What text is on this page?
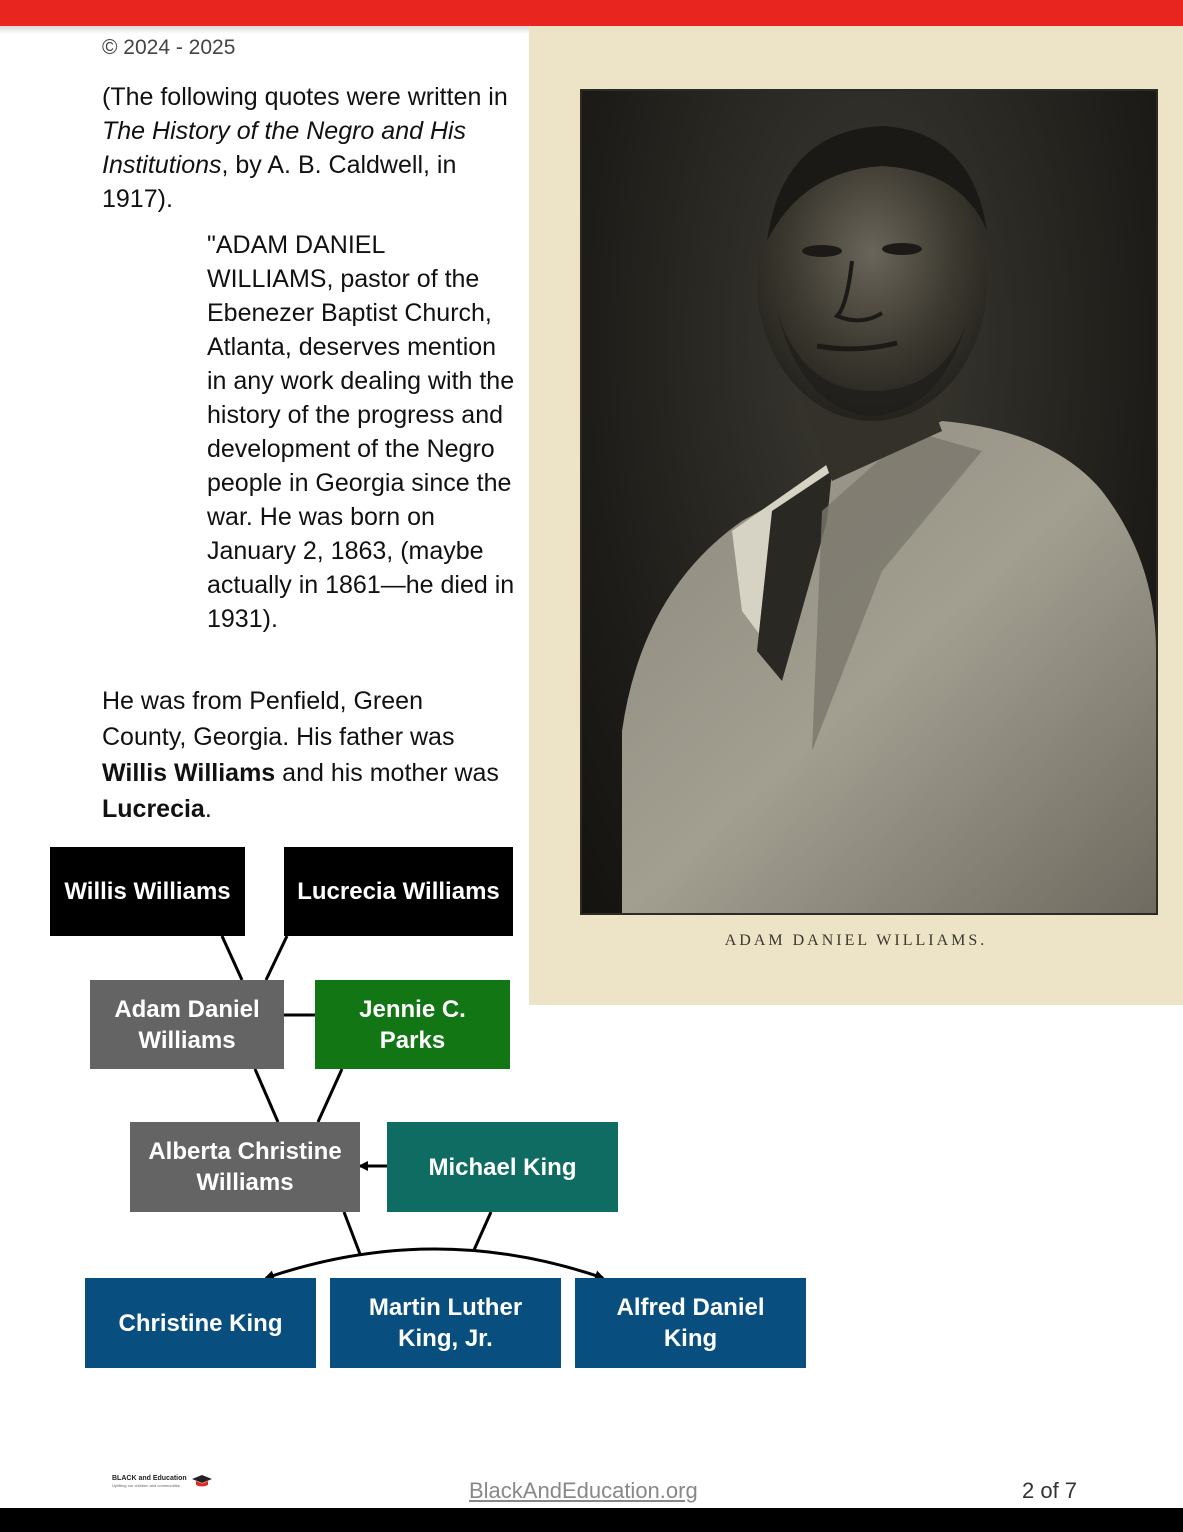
© 2024 - 2025
(The following quotes were written in The History of the Negro and His Institutions, by A. B. Caldwell, in 1917).
"ADAM DANIEL WILLIAMS, pastor of the Ebenezer Baptist Church, Atlanta, deserves mention in any work dealing with the history of the progress and development of the Negro people in Georgia since the war. He was born on January 2, 1863, (maybe actually in 1861—he died in 1931).
He was from Penfield, Green County, Georgia. His father was Willis Williams and his mother was Lucrecia.
ADAM DANIEL WILLIAMS.
Willis Williams	Lucrecia Williams
Adam Daniel Williams
Jennie C. Parks
Alberta Christine Williams
Michael King
Christine King
Martin Luther King, Jr.
Alfred Daniel King
BLACK and Education
Uplifting our children and communities	BlackAndEducation.org	2 of 7
